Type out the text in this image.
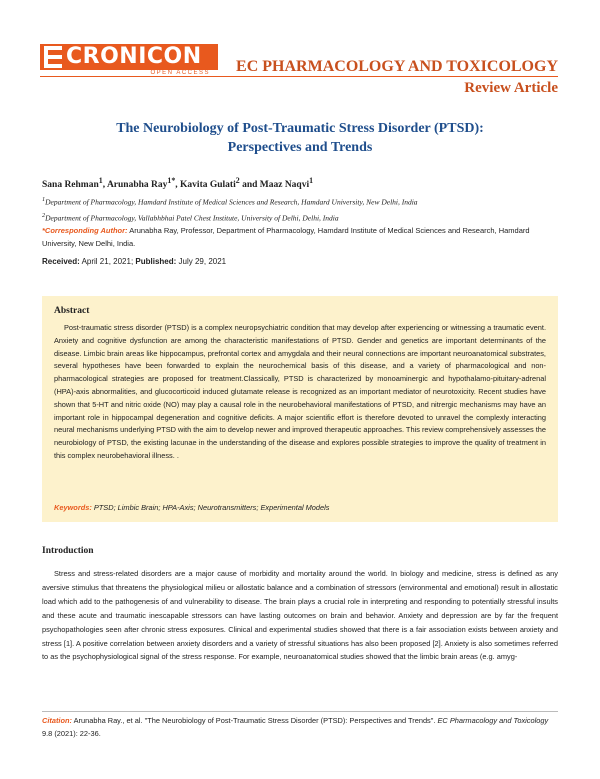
CRONICON
OPEN ACCESS EC PHARMACOLOGY AND TOXICOLOGY
Review Article
The Neurobiology of Post-Traumatic Stress Disorder (PTSD):
Perspectives and Trends
Sana Rehman$^1$, Arunabha Ray$^{1*}$, Kavita Gulati$^2$ and Maaz Naqvi$^1$
$^1$Department of Pharmacology, Hamdard Institute of Medical Sciences and Research, Hamdard University, New Delhi, India
$^2$Department of Pharmacology, Vallabhbhai Patel Chest Institute, University of Delhi, Delhi, India
*Corresponding Author: Arunabha Ray, Professor, Department of Pharmacology, Hamdard Institute of Medical Sciences and Research, Hamdard University, New Delhi, India.
Received: April 21, 2021; Published: July 29, 2021
Abstract

Post-traumatic stress disorder (PTSD) is a complex neuropsychiatric condition that may develop after experiencing or witnessing a traumatic event. Anxiety and cognitive dysfunction are among the characteristic manifestations of PTSD. Gender and genetics are important determinants of the disease. Limbic brain areas like hippocampus, prefrontal cortex and amygdala and their neural connections are important neuroanatomical substrates, several hypotheses have been forwarded to explain the neurochemical basis of this disease, and a variety of pharmacological and non-pharmacological strategies are proposed for treatment.Classically, PTSD is characterized by monoaminergic and hypothalamo-pituitary-adrenal (HPA)-axis abnormalities, and glucocorticoid induced glutamate release is recognized as an important mediator of neurotoxicity. Recent studies have shown that 5-HT and nitric oxide (NO) may play a causal role in the neurobehavioral manifestations of PTSD, and nitrergic mechanisms may have an important role in hippocampal degeneration and cognitive deficits. A major scientific effort is therefore devoted to unravel the complexly interacting neural mechanisms underlying PTSD with the aim to develop newer and improved therapeutic approaches. This review comprehensively assesses the neurobiology of PTSD, the existing lacunae in the understanding of the disease and explores possible strategies to improve the quality of treatment in this complex neurobehavioral illness. .

Keywords: PTSD; Limbic Brain; HPA-Axis; Neurotransmitters; Experimental Models
Introduction

Stress and stress-related disorders are a major cause of morbidity and mortality around the world. In biology and medicine, stress is defined as any aversive stimulus that threatens the physiological milieu or allostatic balance and a combination of stressors (environmental and emotional) result in allostatic load which add to the pathogenesis of and vulnerability to disease. The brain plays a crucial role in interpreting and responding to potentially stressful insults and these acute and traumatic inescapable stressors can have lasting outcomes on brain and behavior. Anxiety and depression are by far the frequent psychopathologies seen after chronic stress exposures. Clinical and experimental studies showed that there is a fair association exists between anxiety and stress [1]. A positive correlation between anxiety disorders and a variety of stressful situations has also been proposed [2]. Anxiety is also sometimes referred to as the psychophysiological signal of the stress response. For example, neuroanatomical studies showed that the limbic brain areas (e.g. amyg-

Citation: Arunabha Ray., et al. "The Neurobiology of Post-Traumatic Stress Disorder (PTSD): Perspectives and Trends". EC Pharmacology and Toxicology 9.8 (2021): 22-36.
